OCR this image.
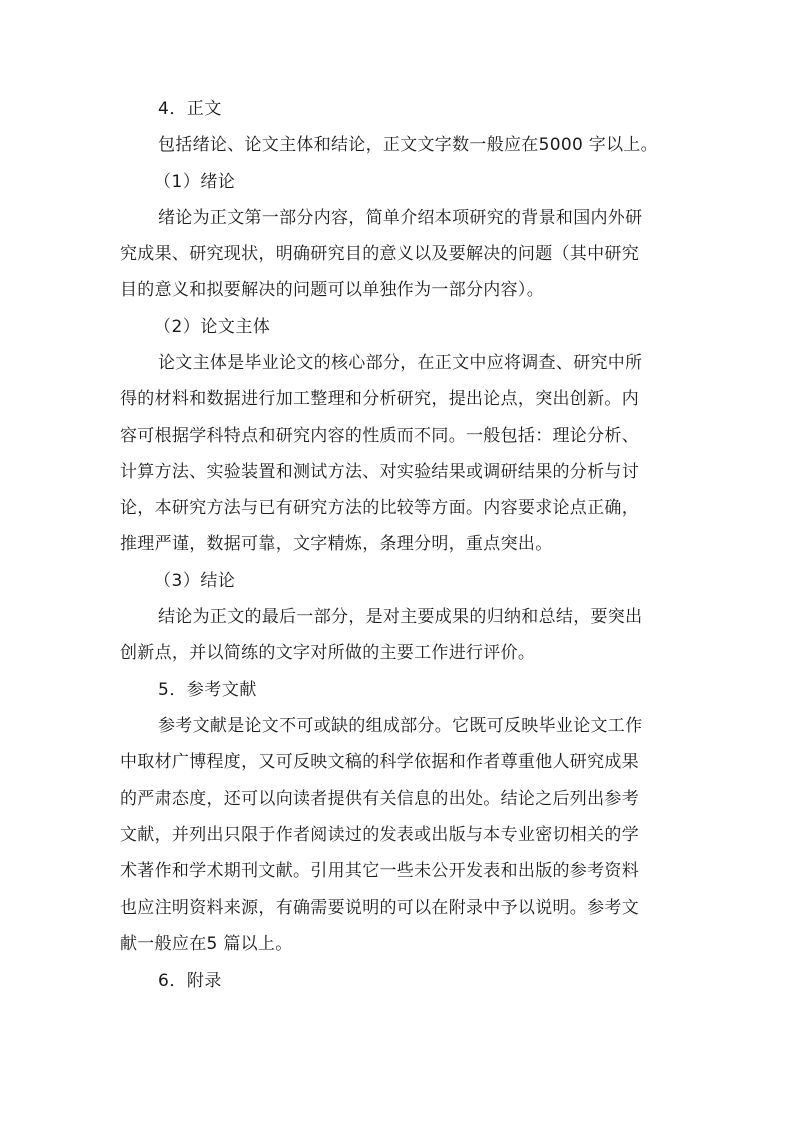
4．正文

包括绪论、论文主体和结论，正文文字数一般应在5000 字以上。

（1）绪论

绪论为正文第一部分内容，简单介绍本项研究的背景和国内外研

究成果、研究现状，明确研究目的意义以及要解决的问题（其中研究

目的意义和拟要解决的问题可以单独作为一部分内容）。

（2）论文主体

论文主体是毕业论文的核心部分，在正文中应将调查、研究中所

得的材料和数据进行加工整理和分析研究，提出论点，突出创新。内

容可根据学科特点和研究内容的性质而不同。一般包括：理论分析、

计算方法、实验装置和测试方法、对实验结果或调研结果的分析与讨

论，本研究方法与已有研究方法的比较等方面。内容要求论点正确，

推理严谨，数据可靠，文字精炼，条理分明，重点突出。

（3）结论

结论为正文的最后一部分，是对主要成果的归纳和总结，要突出

创新点，并以简练的文字对所做的主要工作进行评价。

5．参考文献

参考文献是论文不可或缺的组成部分。它既可反映毕业论文工作

中取材广博程度，又可反映文稿的科学依据和作者尊重他人研究成果

的严肃态度，还可以向读者提供有关信息的出处。结论之后列出参考

文献，并列出只限于作者阅读过的发表或出版与本专业密切相关的学

术著作和学术期刊文献。引用其它一些未公开发表和出版的参考资料

也应注明资料来源，有确需要说明的可以在附录中予以说明。参考文

献一般应在5 篇以上。

6．附录
